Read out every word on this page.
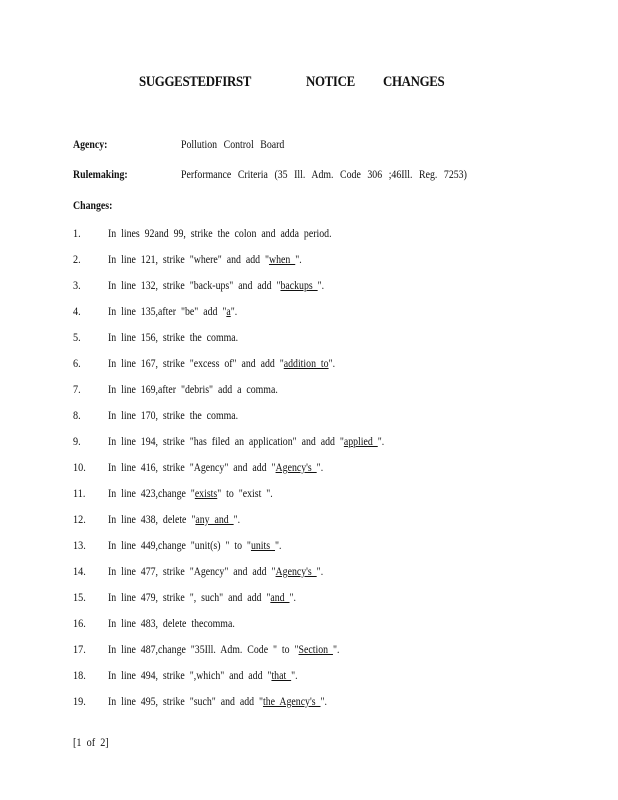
SUGGESTEDFIRST	NOTICE CHANGES
Agency:	Pollution Control Board
Rulemaking:	Performance Criteria (35 Ill. Adm. Code 306 ;46Ill. Reg. 7253)
Changes:
1. In lines 92and 99, strike the colon and adda period.
2. In line 121, strike "where" and add "when ".
3. In line 132, strike "back-ups" and add "backups ".
4. In line 135,after "be" add "a".
5. In line 156, strike the comma.
6. In line 167, strike "excess of" and add "addition to".
7. In line 169,after "debris" add a comma.
8. In line 170, strike the comma.
9. In line 194, strike "has filed an application" and add "applied ".
10. In line 416, strike "Agency" and add "Agency's ".
11. In line 423,change "exists" to "exist ".
12. In line 438, delete "any and ".
13. In line 449,change "unit(s) " to "units ".
14. In line 477, strike "Agency" and add "Agency's ".
15. In line 479, strike ", such" and add "and ".
16. In line 483, delete thecomma.
17. In line 487,change "35Ill. Adm. Code " to "Section ".
18. In line 494, strike ",which" and add "that ".
19. In line 495, strike "such" and add "the Agency's ".
[1 of 2]
